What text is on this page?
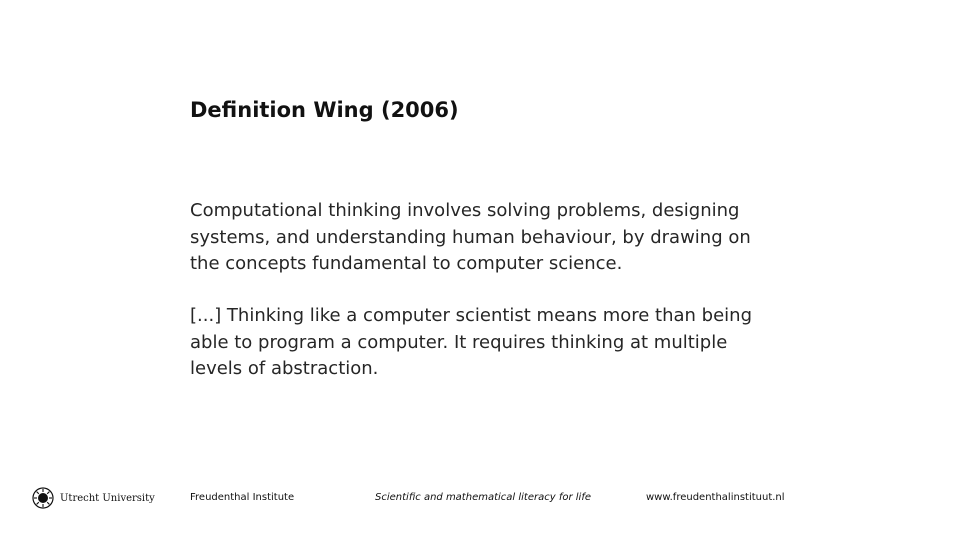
Definition Wing (2006)
Computational thinking involves solving problems, designing systems, and understanding human behaviour, by drawing on the concepts fundamental to computer science.
[...] Thinking like a computer scientist means more than being able to program a computer. It requires thinking at multiple levels of abstraction.
Utrecht University	Freudenthal Institute	Scientific and mathematical literacy for life	www.freudenthalinstituut.nl
